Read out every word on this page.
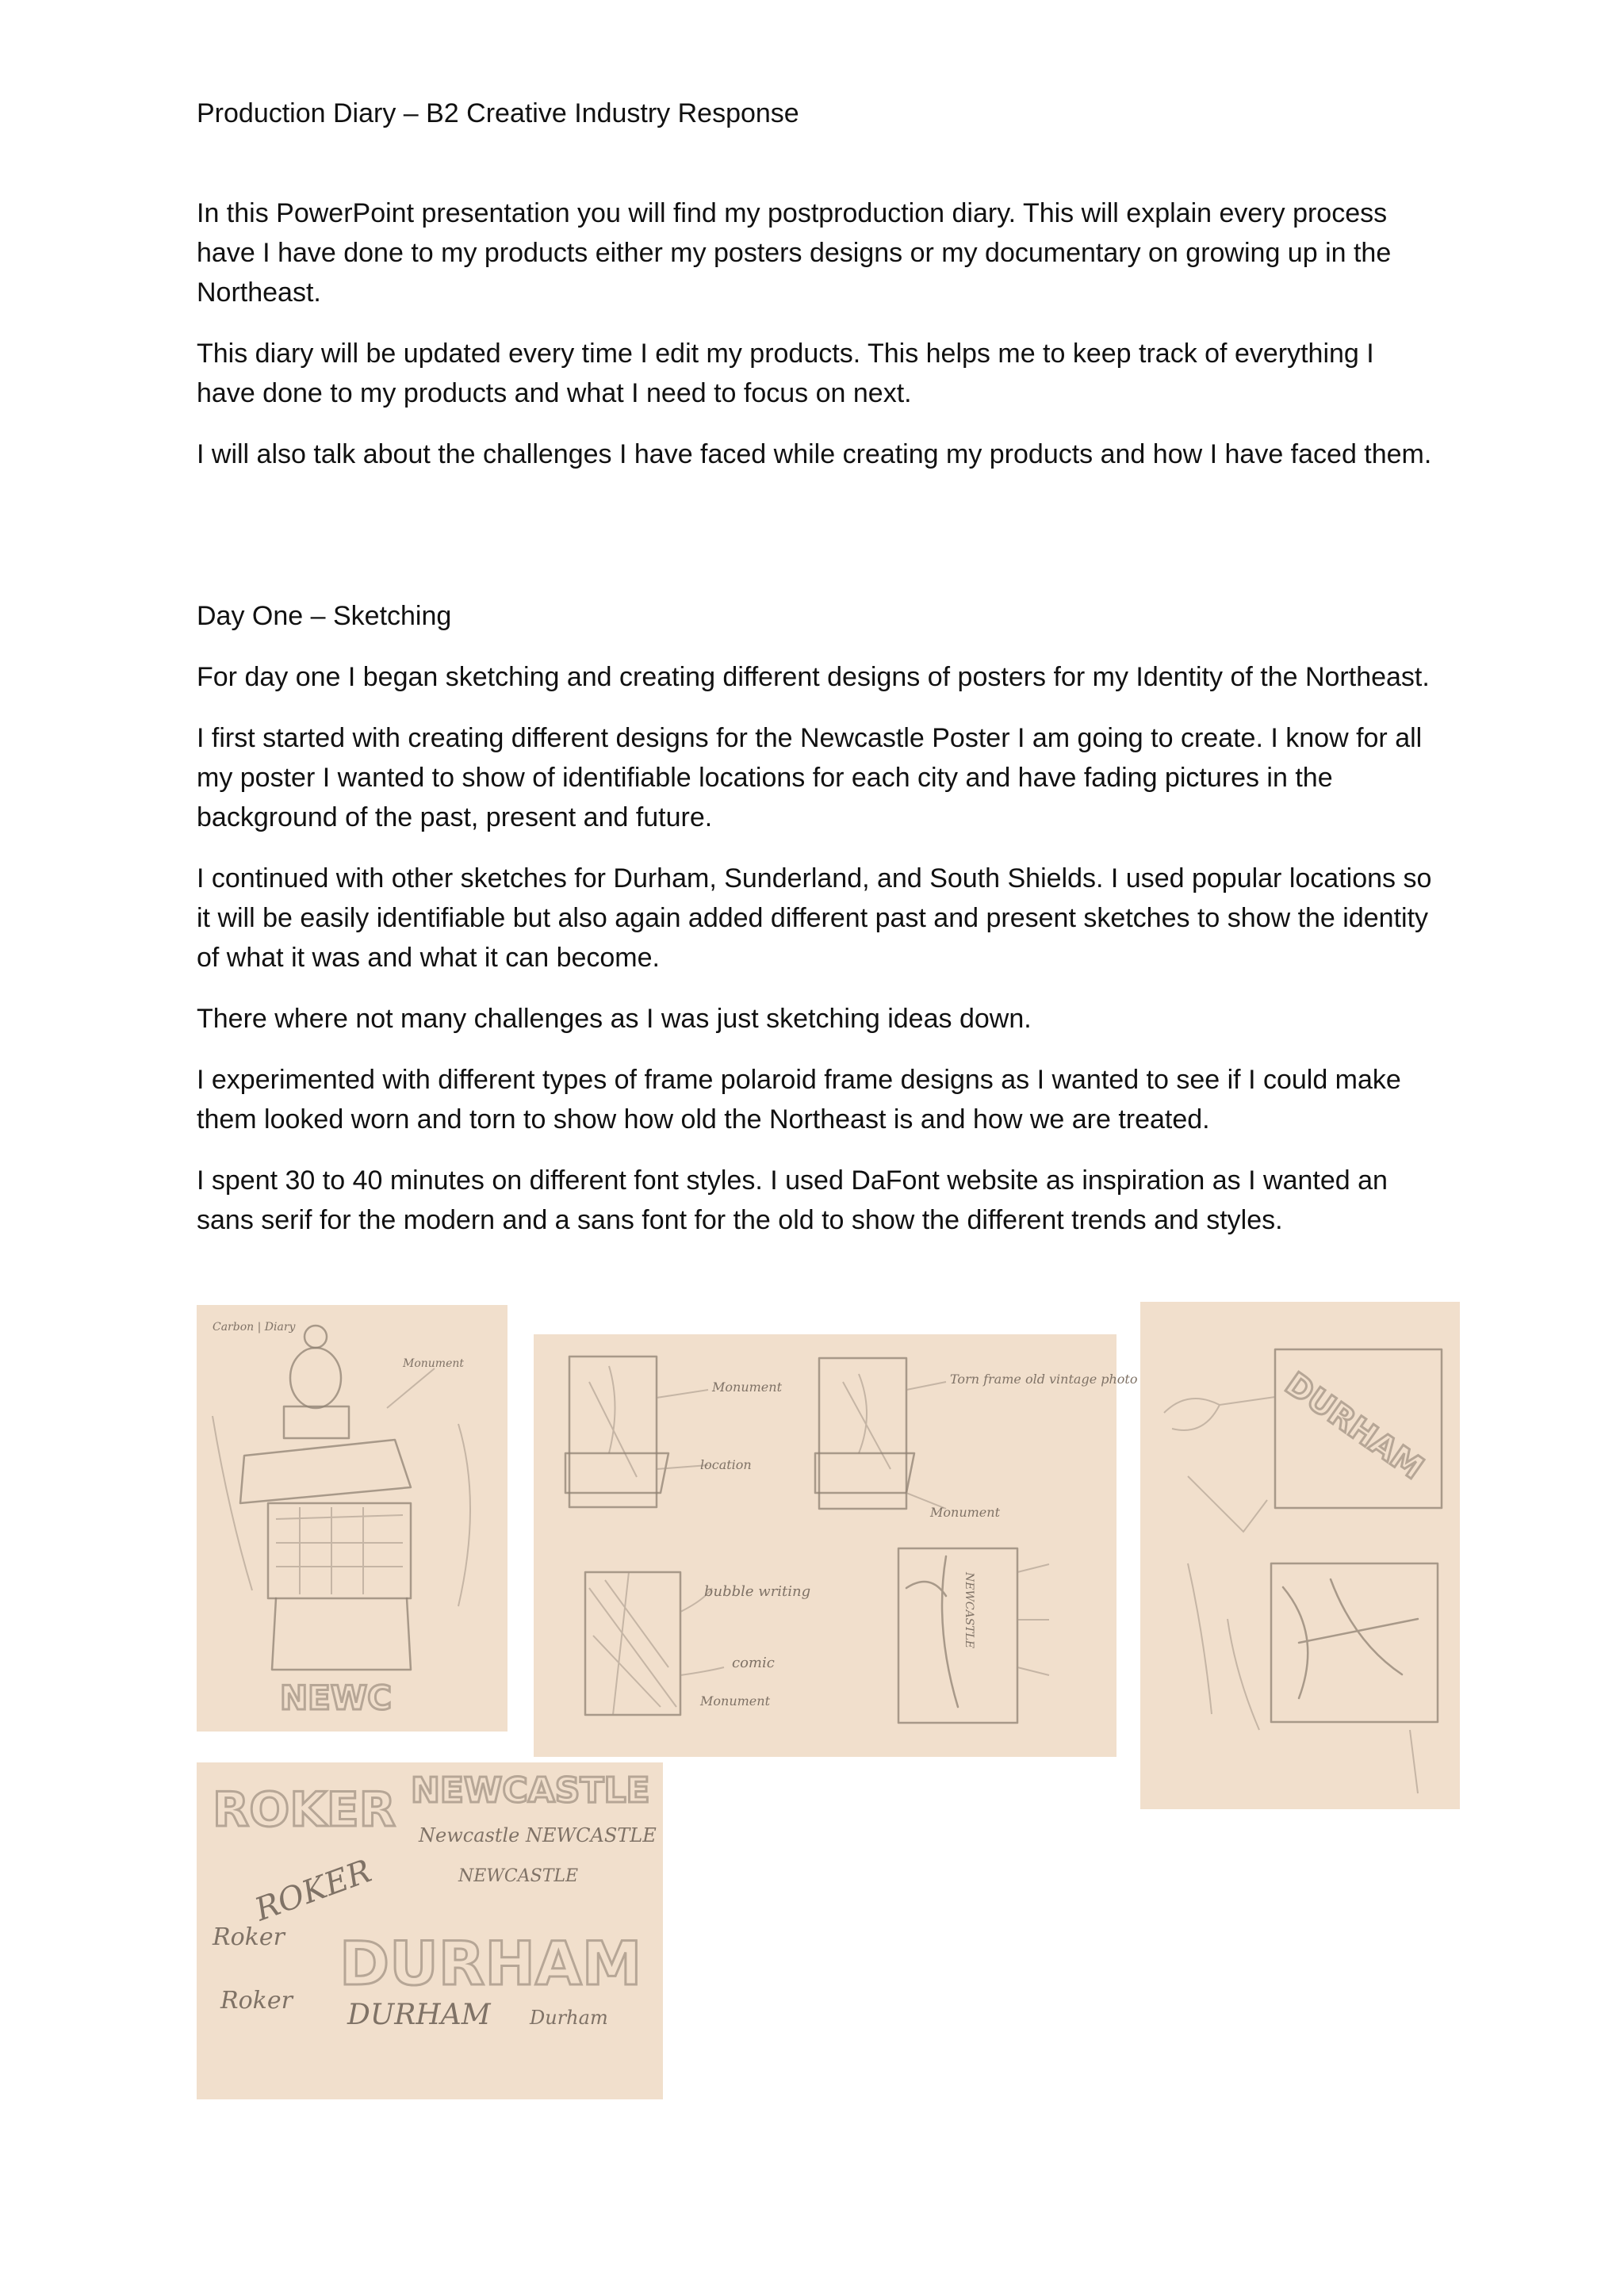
Production Diary – B2 Creative Industry Response

In this PowerPoint presentation you will find my postproduction diary. This will explain every process have I have done to my products either my posters designs or my documentary on growing up in the Northeast.

This diary will be updated every time I edit my products. This helps me to keep track of everything I have done to my products and what I need to focus on next.

I will also talk about the challenges I have faced while creating my products and how I have faced them.

Day One – Sketching

For day one I began sketching and creating different designs of posters for my Identity of the Northeast.

I first started with creating different designs for the Newcastle Poster I am going to create. I know for all my poster I wanted to show of identifiable locations for each city and have fading pictures in the background of the past, present and future.

I continued with other sketches for Durham, Sunderland, and South Shields. I used popular locations so it will be easily identifiable but also again added different past and present sketches to show the identity of what it was and what it can become.

There where not many challenges as I was just sketching ideas down.

I experimented with different types of frame polaroid frame designs as I wanted to see if I could make them looked worn and torn to show how old the Northeast is and how we are treated.

I spent 30 to 40 minutes on different font styles. I used DaFont website as inspiration as I wanted an sans serif for the modern and a sans font for the old to show the different trends and styles.

Carbon | Diary
Monument
NEWC
Monument
location
Torn frame old vintage photo
Monument
bubble writing
comic
Monument
NEWCASTLE
DURHAM
ROKER NEWCASTLE
Newcastle NEWCASTLE
NEWCASTLE
ROKER
DURHAM
DURHAM Durham
Roker
Roker
